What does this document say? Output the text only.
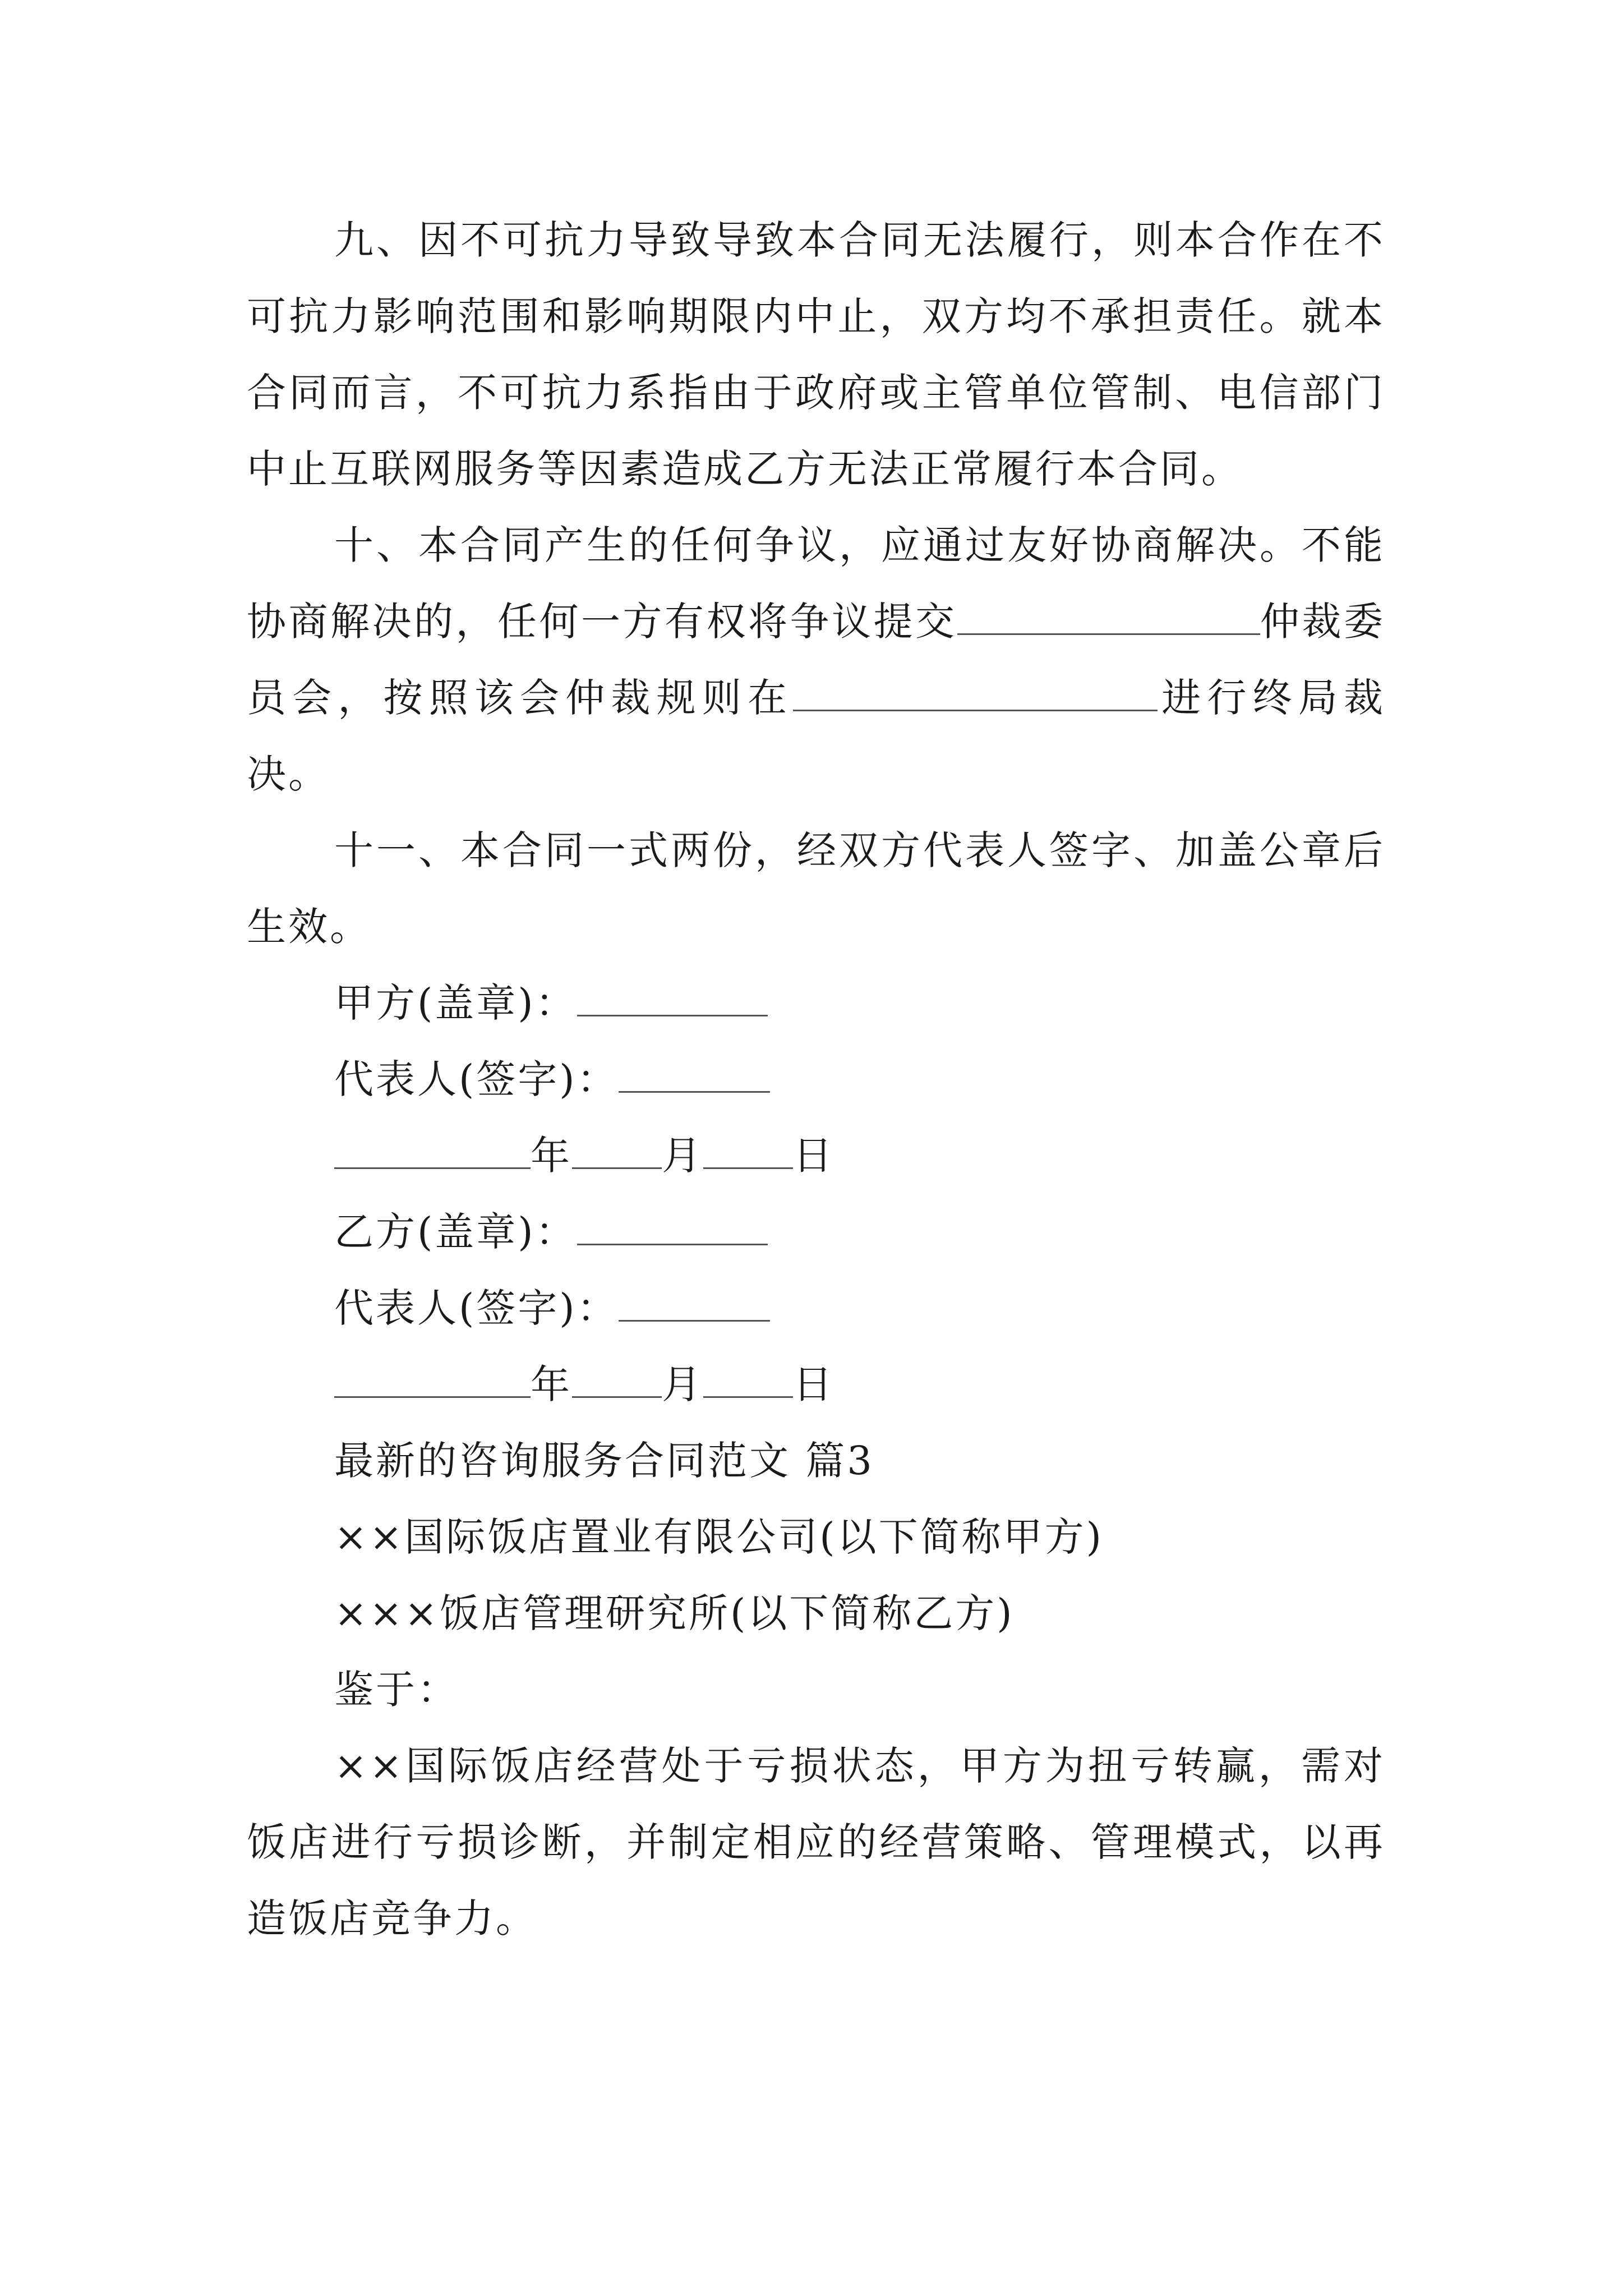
九、因不可抗力导致导致本合同无法履行，则本合作在不可抗力影响范围和影响期限内中止，双方均不承担责任。就本合同而言，不可抗力系指由于政府或主管单位管制、电信部门中止互联网服务等因素造成乙方无法正常履行本合同。

十、本合同产生的任何争议，应通过友好协商解决。不能协商解决的，任何一方有权将争议提交	仲裁委员会，按照该会仲裁规则在	进行终局裁决。

十一、本合同一式两份，经双方代表人签字、加盖公章后生效。

甲方(盖章)：

代表人(签字)：

年 月 日

乙方(盖章)：

代表人(签字)：

年 月 日

最新的咨询服务合同范文 篇3

××国际饭店置业有限公司(以下简称甲方)

×××饭店管理研究所(以下简称乙方)

鉴于：

××国际饭店经营处于亏损状态，甲方为扭亏转赢，需对饭店进行亏损诊断，并制定相应的经营策略、管理模式，以再造饭店竞争力。
